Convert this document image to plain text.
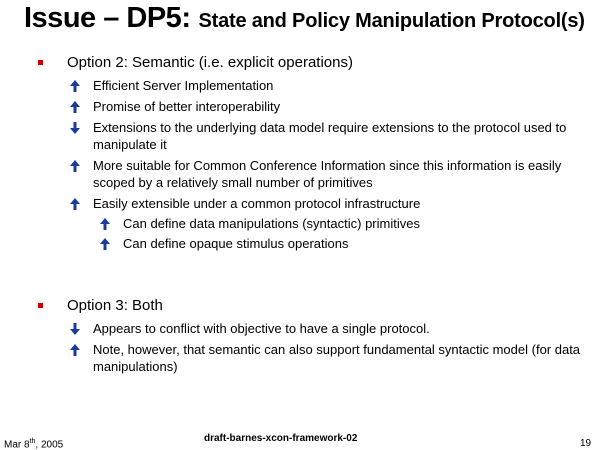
Issue – DP5: State and Policy Manipulation Protocol(s)
Option 2: Semantic (i.e. explicit operations)
Efficient Server Implementation
Promise of better interoperability
Extensions to the underlying data model require extensions to the protocol used to manipulate it
More suitable for Common Conference Information since this information is easily scoped by a relatively small number of primitives
Easily extensible under a common protocol infrastructure
Can define data manipulations (syntactic) primitives
Can define opaque stimulus operations
Option 3: Both
Appears to conflict with objective to have a single protocol.
Note, however, that semantic can also support fundamental syntactic model (for data manipulations)
Mar 8th, 2005
draft-barnes-xcon-framework-02	19
